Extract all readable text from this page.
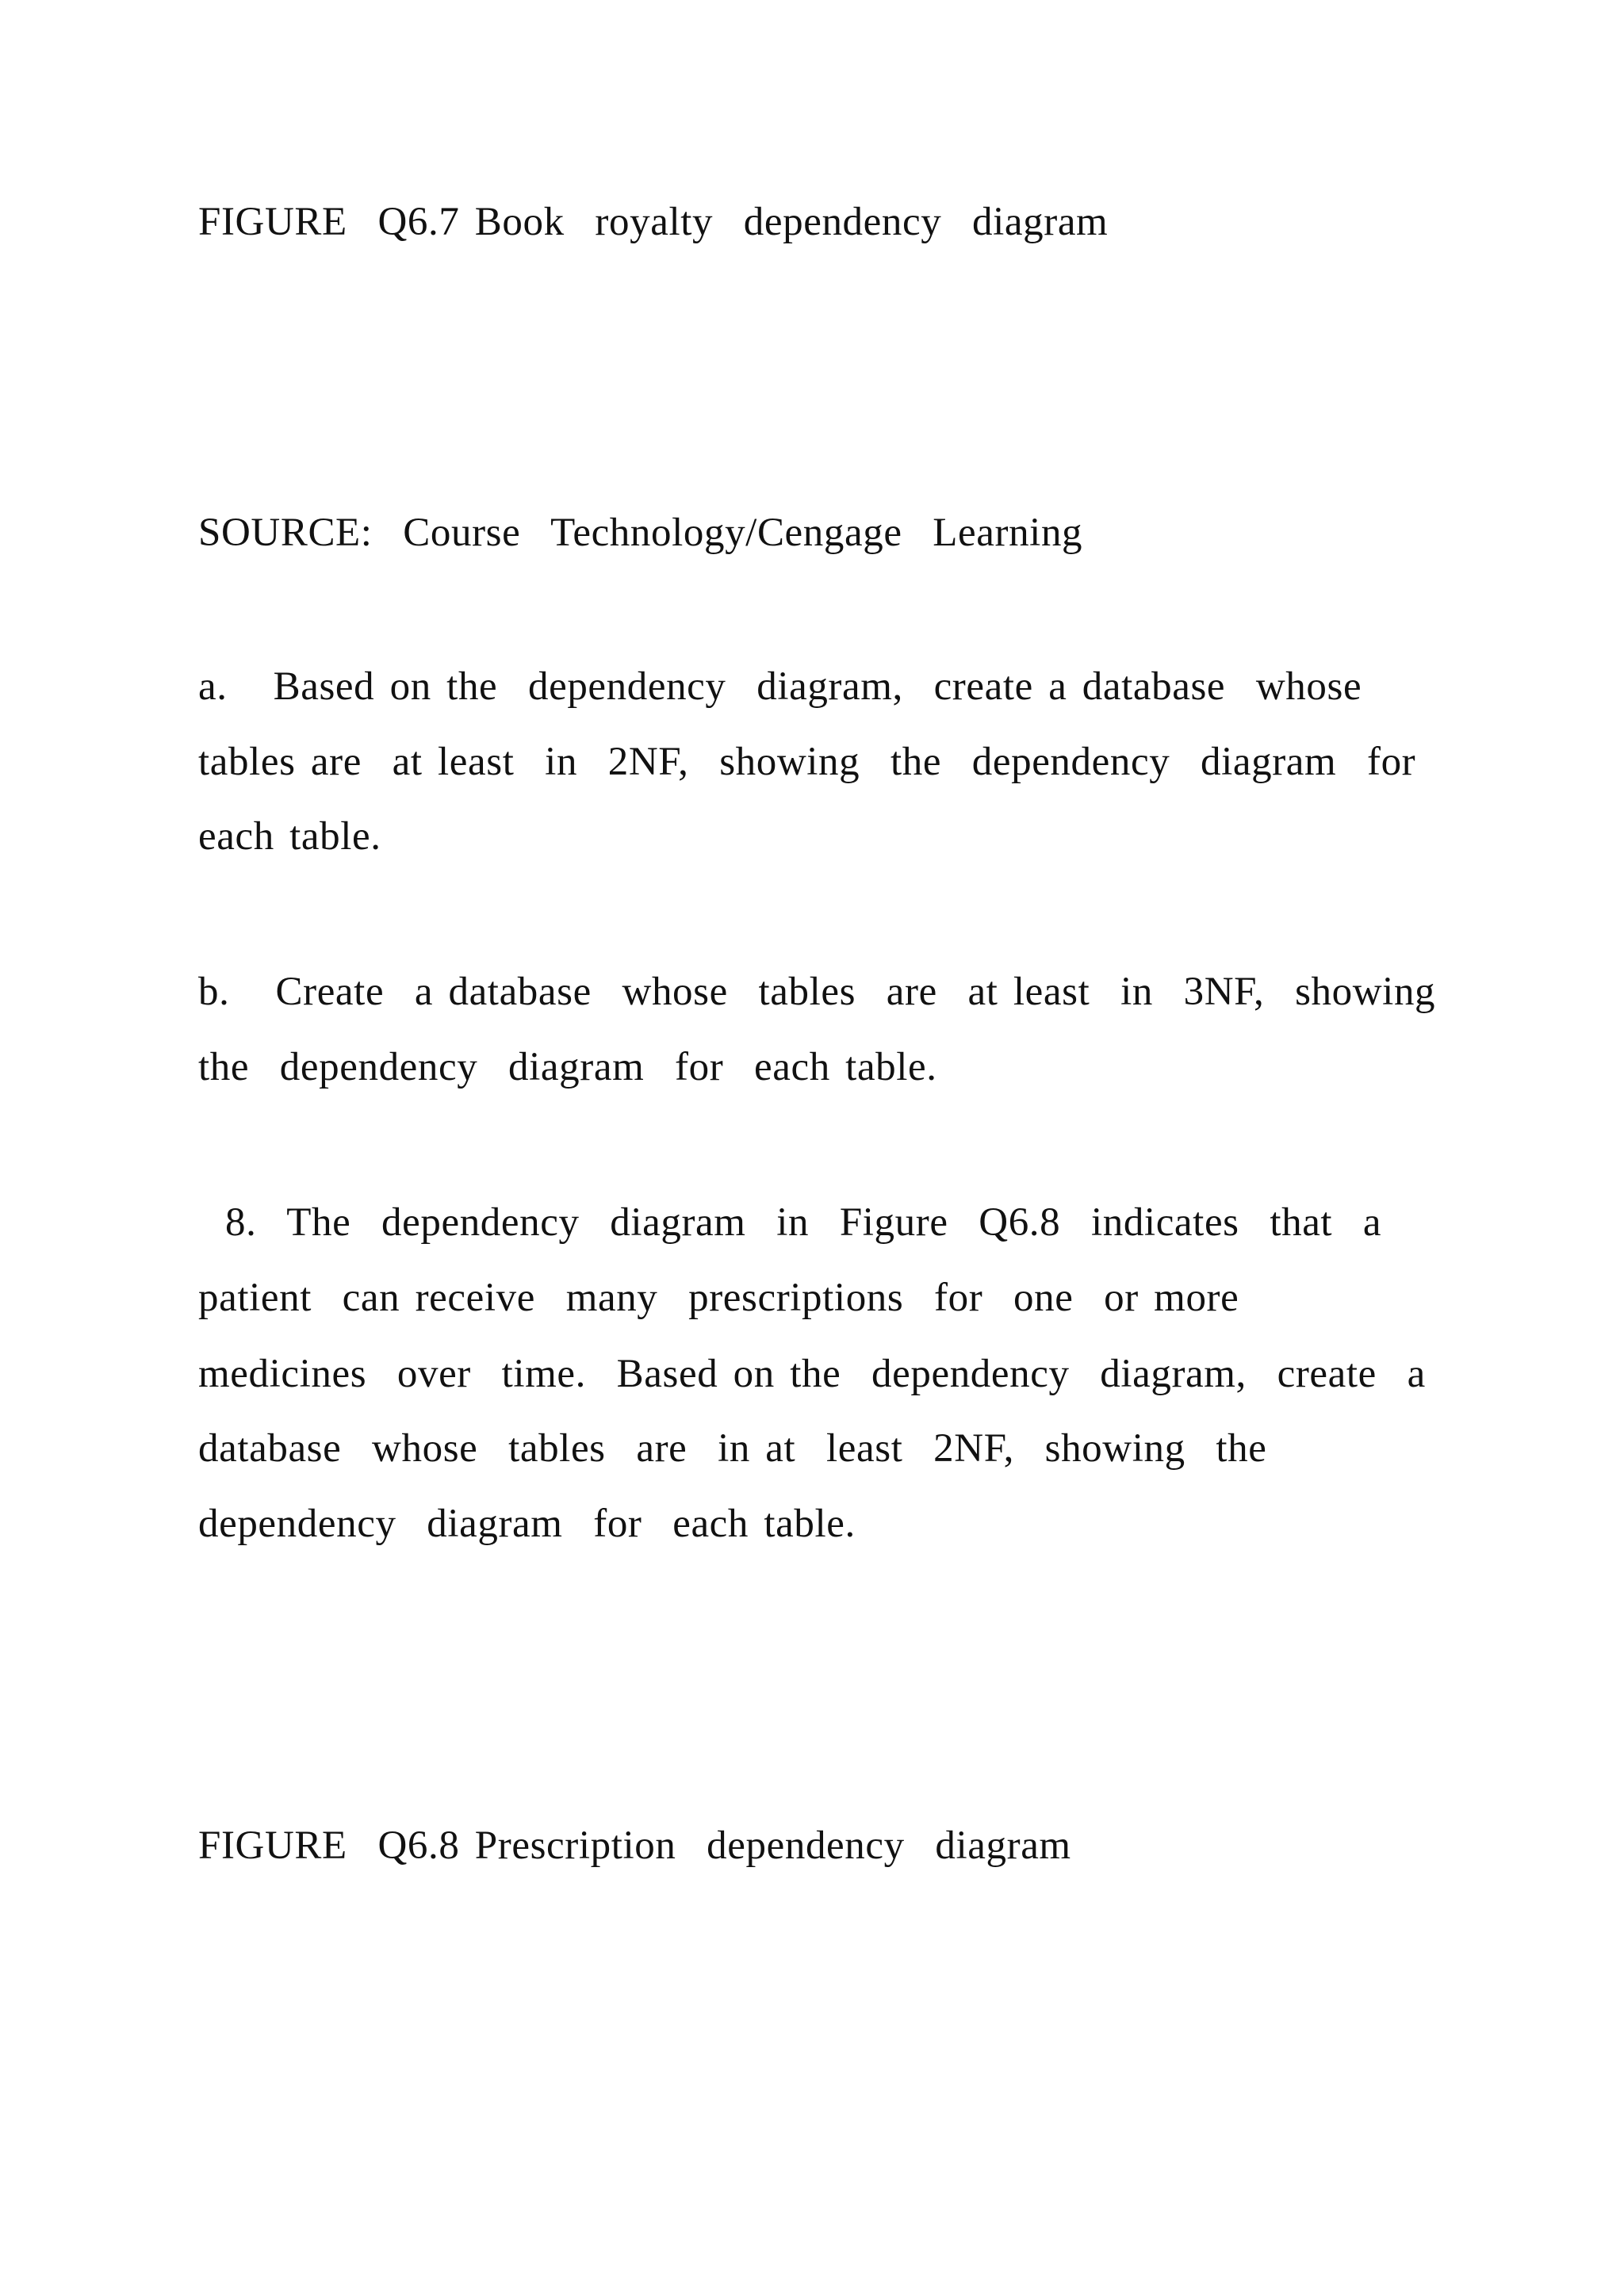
FIGURE  Q6.7 Book  royalty  dependency  diagram
SOURCE:  Course  Technology/Cengage  Learning
a.   Based on the  dependency  diagram,  create a database  whose
tables are  at least  in  2NF,  showing  the  dependency  diagram  for
each table.
b.   Create  a database  whose  tables  are  at least  in  3NF,  showing
the  dependency  diagram  for  each table.
8.  The  dependency  diagram  in  Figure  Q6.8  indicates  that  a
patient  can receive  many  prescriptions  for  one  or more
medicines  over  time.  Based on the  dependency  diagram,  create  a
database  whose  tables  are  in at  least  2NF,  showing  the
dependency  diagram  for  each table.
FIGURE  Q6.8 Prescription  dependency  diagram
